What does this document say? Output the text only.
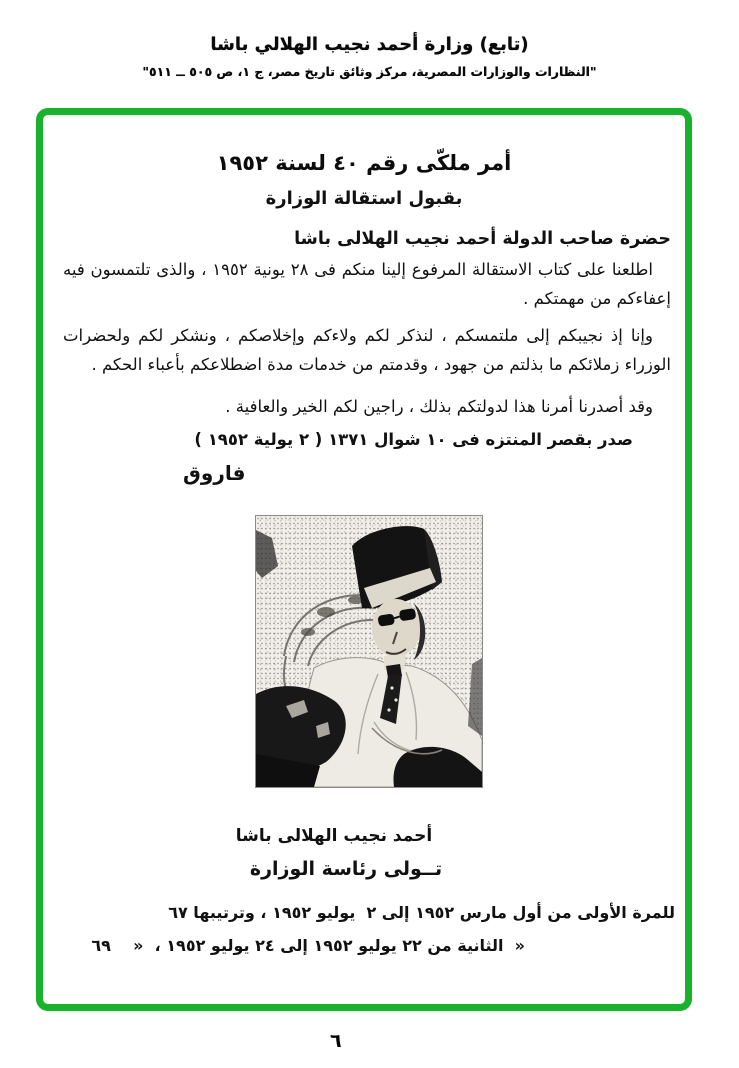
(تابع) وزارة أحمد نجيب الهلالي باشا
"النظارات والوزارات المصرية، مركز وثائق تاريخ مصر، ج ١، ص ٥٠٥ ــ ٥١١"
أمر ملكّى رقم ٤٠ لسنة ١٩٥٢
بقبول استقالة الوزارة

حضرة صاحب الدولة أحمد نجيب الهلالى باشا

اطلعنا على كتاب الاستقالة المرفوع إلينا منكم فى ٢٨ يونية ١٩٥٢ ، والذى تلتمسون فيه إعفاءكم من مهمتكم .

وإنا إذ نجيبكم إلى ملتمسكم ، لنذكر لكم ولاءكم وإخلاصكم ، ونشكر لكم ولحضرات الوزراء زملائكم ما بذلتم من جهود ، وقدمتم من خدمات مدة اضطلاعكم بأعباء الحكم .

وقد أصدرنا أمرنا هذا لدولتكم بذلك ، راجين لكم الخير والعافية .

صدر بقصر المنتزه فى ١٠ شوال ١٣٧١ ( ٢ يولية ١٩٥٢ )

فاروق

أحمد نجيب الهلالى باشا

تــولى رئاسة الوزارة

للمرة الأولى من أول مارس ١٩٥٢ إلى ٢  يوليو ١٩٥٢ ، وترتيبها ٦٧

«  الثانية من ٢٢ يوليو ١٩٥٢ إلى ٢٤ يوليو ١٩٥٢ ،  «    ٦٩

٦
